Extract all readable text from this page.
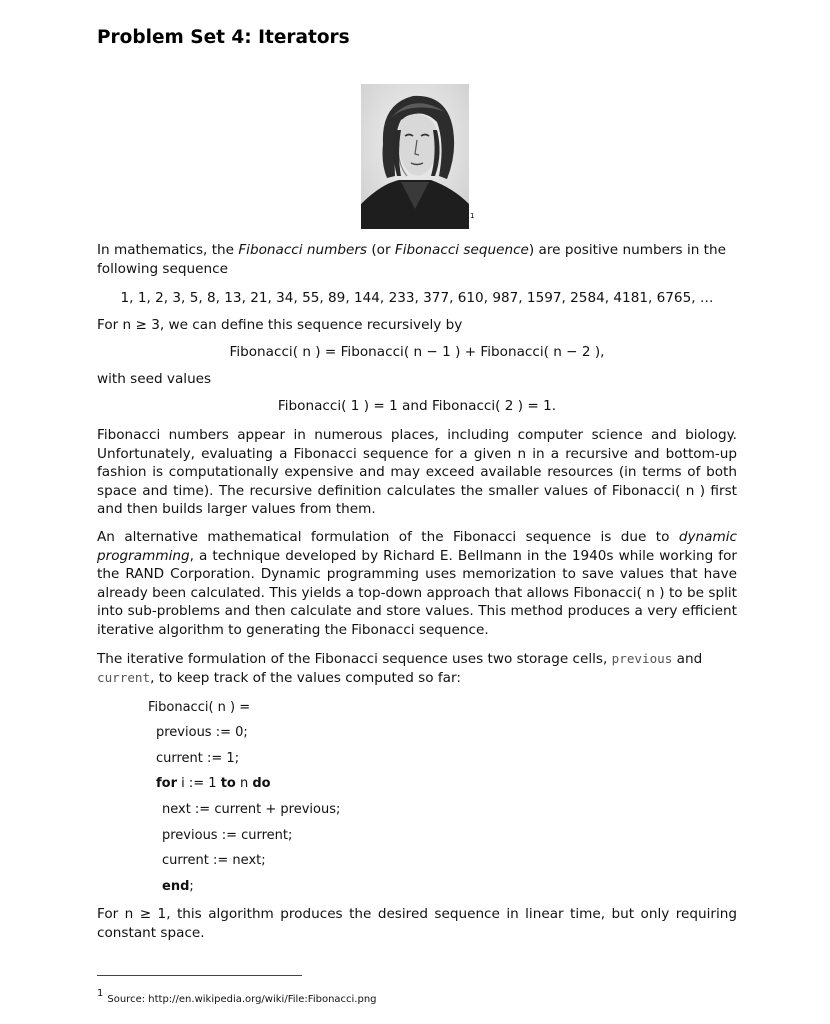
Problem Set 4: Iterators
1

In mathematics, the Fibonacci numbers (or Fibonacci sequence) are positive numbers in the following sequence

1, 1, 2, 3, 5, 8, 13, 21, 34, 55, 89, 144, 233, 377, 610, 987, 1597, 2584, 4181, 6765, …

For n ≥ 3, we can define this sequence recursively by

Fibonacci( n ) = Fibonacci( n − 1 ) + Fibonacci( n − 2 ),

with seed values

Fibonacci( 1 ) = 1 and Fibonacci( 2 ) = 1.

Fibonacci numbers appear in numerous places, including computer science and biology. Unfortunately, evaluating a Fibonacci sequence for a given n in a recursive and bottom-up fashion is computationally expensive and may exceed available resources (in terms of both space and time). The recursive definition calculates the smaller values of Fibonacci( n ) first and then builds larger values from them.

An alternative mathematical formulation of the Fibonacci sequence is due to dynamic programming, a technique developed by Richard E. Bellmann in the 1940s while working for the RAND Corporation. Dynamic programming uses memorization to save values that have already been calculated. This yields a top-down approach that allows Fibonacci( n ) to be split into sub-problems and then calculate and store values. This method produces a very efficient iterative algorithm to generating the Fibonacci sequence.

The iterative formulation of the Fibonacci sequence uses two storage cells, previous and current, to keep track of the values computed so far:

Fibonacci( n ) =
previous := 0;
current := 1;
for i := 1 to n do
next := current + previous;
previous := current;
current := next;
end;

For n ≥ 1, this algorithm produces the desired sequence in linear time, but only requiring constant space.

$^1$Source: http://en.wikipedia.org/wiki/File:Fibonacci.png
